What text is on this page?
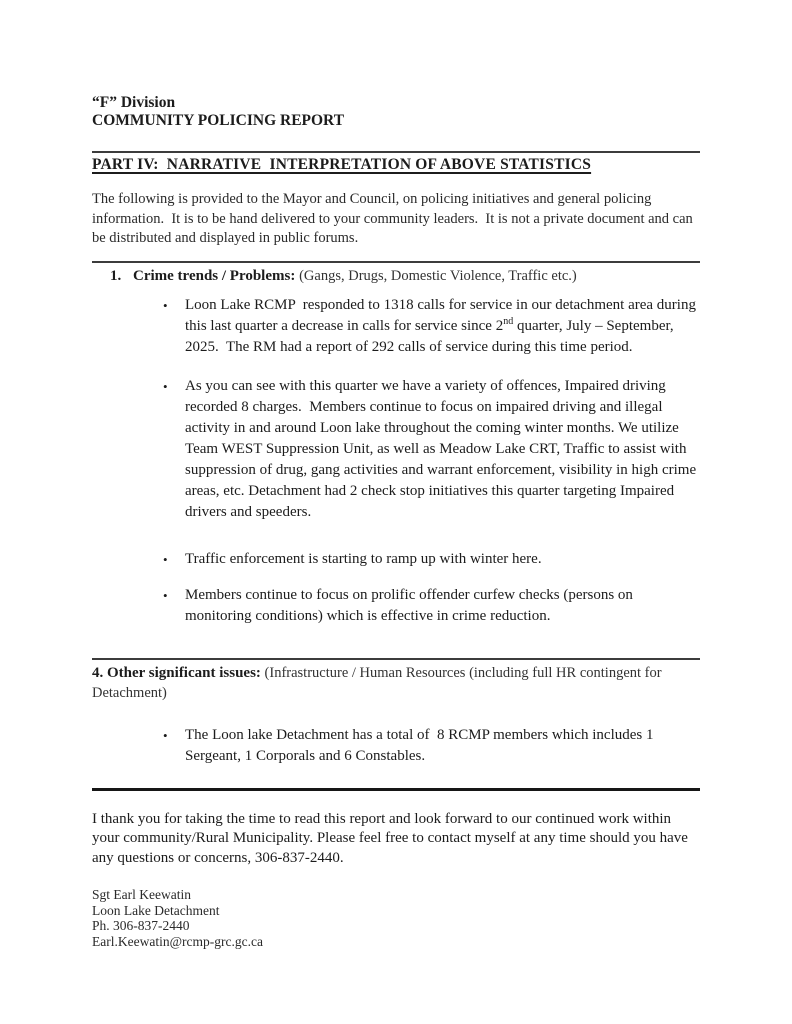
“F” Division
COMMUNITY POLICING REPORT
PART IV:  NARRATIVE  INTERPRETATION OF ABOVE STATISTICS

The following is provided to the Mayor and Council, on policing initiatives and general policing information.  It is to be hand delivered to your community leaders.  It is not a private document and can be distributed and displayed in public forums.

1. Crime trends / Problems: (Gangs, Drugs, Domestic Violence, Traffic etc.)
•	Loon Lake RCMP  responded to 1318 calls for service in our detachment area during this last quarter a decrease in calls for service since 2nd quarter, July – September, 2025.  The RM had a report of 292 calls of service during this time period.
•	As you can see with this quarter we have a variety of offences, Impaired driving recorded 8 charges.  Members continue to focus on impaired driving and illegal activity in and around Loon lake throughout the coming winter months. We utilize Team WEST Suppression Unit, as well as Meadow Lake CRT, Traffic to assist with suppression of drug, gang activities and warrant enforcement, visibility in high crime areas, etc. Detachment had 2 check stop initiatives this quarter targeting Impaired drivers and speeders.
•	Traffic enforcement is starting to ramp up with winter here.
•	Members continue to focus on prolific offender curfew checks (persons on monitoring conditions) which is effective in crime reduction.
4. Other significant issues: (Infrastructure / Human Resources (including full HR contingent for Detachment)
•	The Loon lake Detachment has a total of  8 RCMP members which includes 1 Sergeant, 1 Corporals and 6 Constables.

I thank you for taking the time to read this report and look forward to our continued work within your community/Rural Municipality. Please feel free to contact myself at any time should you have any questions or concerns, 306-837-2440.

Sgt Earl Keewatin
Loon Lake Detachment
Ph. 306-837-2440
Earl.Keewatin@rcmp-grc.gc.ca
